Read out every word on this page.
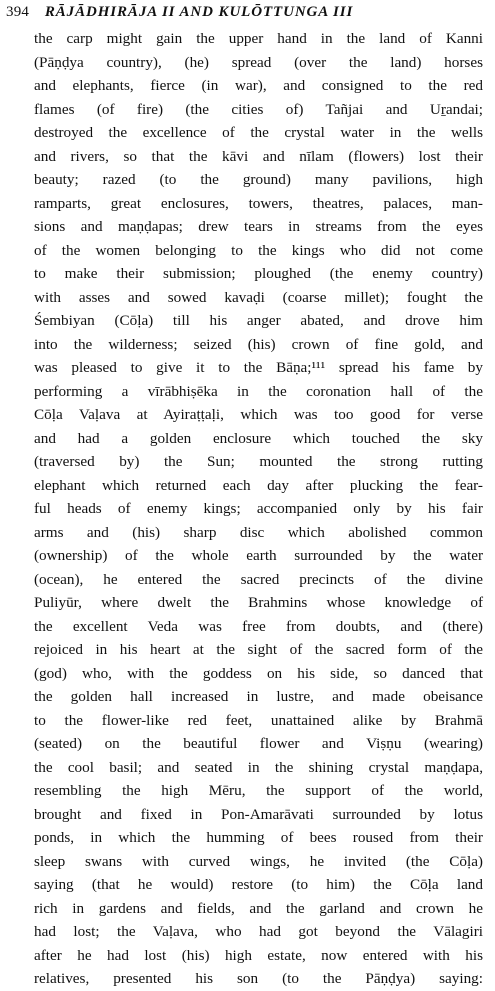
394 RĀJĀDHIRĀJA II AND KULŌTTUNGA III
the carp might gain the upper hand in the land of Kanni
(Pāṇḍya country), (he) spread (over the land) horses
and elephants, fierce (in war), and consigned to the red
flames (of fire) (the cities of) Tañjai and Uṟandai;
destroyed the excellence of the crystal water in the wells
and rivers, so that the kāvi and nīlam (flowers) lost their
beauty; razed (to the ground) many pavilions, high
ramparts, great enclosures, towers, theatres, palaces, man-
sions and maṇḍapas; drew tears in streams from the eyes
of the women belonging to the kings who did not come
to make their submission; ploughed (the enemy country)
with asses and sowed kavaḍi (coarse millet); fought the
Śembiyan (Cōḷa) till his anger abated, and drove him
into the wilderness; seized (his) crown of fine gold, and
was pleased to give it to the Bāṇa;¹¹¹ spread his fame by
performing a vīrābhiṣēka in the coronation hall of the
Cōḷa Vaḷava at Ayiraṭṭaḷi, which was too good for verse
and had a golden enclosure which touched the sky
(traversed by) the Sun; mounted the strong rutting
elephant which returned each day after plucking the fear-
ful heads of enemy kings; accompanied only by his fair
arms and (his) sharp disc which abolished common
(ownership) of the whole earth surrounded by the water
(ocean), he entered the sacred precincts of the divine
Puliyūr, where dwelt the Brahmins whose knowledge of
the excellent Veda was free from doubts, and (there)
rejoiced in his heart at the sight of the sacred form of the
(god) who, with the goddess on his side, so danced that
the golden hall increased in lustre, and made obeisance
to the flower-like red feet, unattained alike by Brahmā
(seated) on the beautiful flower and Viṣṇu (wearing)
the cool basil; and seated in the shining crystal maṇḍapa,
resembling the high Mēru, the support of the world,
brought and fixed in Pon-Amarāvati surrounded by lotus
ponds, in which the humming of bees roused from their
sleep swans with curved wings, he invited (the Cōḷa)
saying (that he would) restore (to him) the Cōḷa land
rich in gardens and fields, and the garland and crown he
had lost; the Vaḷava, who had got beyond the Vālagiri
after he had lost (his) high estate, now entered with his
relatives, presented his son (to the Pāṇḍya) saying:
